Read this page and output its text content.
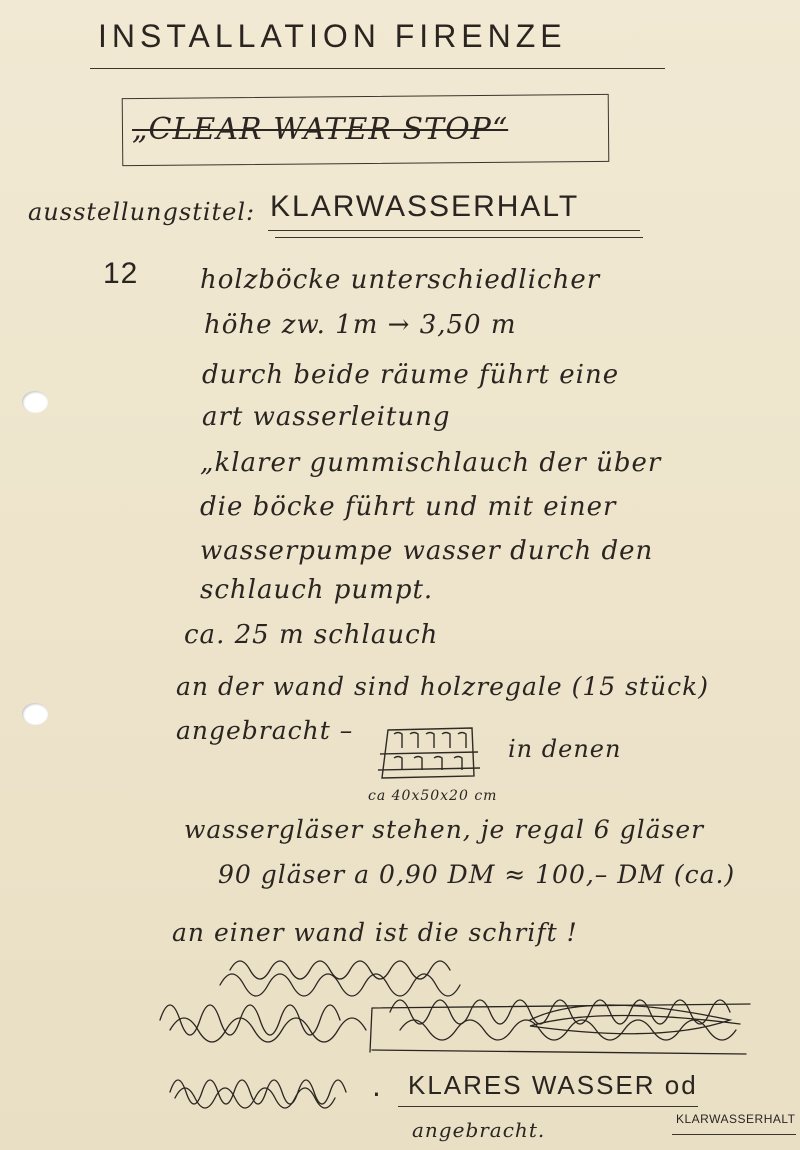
INSTALLATION FIRENZE
„CLEAR WATER STOP“
ausstellungstitel: KLARWASSERHALT
12 holzböcke unterschiedlicher
höhe zw. 1m → 3,50 m
durch beide räume führt eine
art wasserleitung
„klarer gummischlauch der über
die böcke führt und mit einer
wasserpumpe wasser durch den
schlauch pumpt.
ca. 25 m schlauch
an der wand sind holzregale (15 stück)
angebracht –
in denen
ca 40x50x20 cm
wassergläser stehen, je regal 6 gläser
90 gläser a 0,90 DM ≈ 100,– DM (ca.)
an einer wand ist die schrift !
. KLARES WASSER od
angebracht.	KLARWASSERHALT
